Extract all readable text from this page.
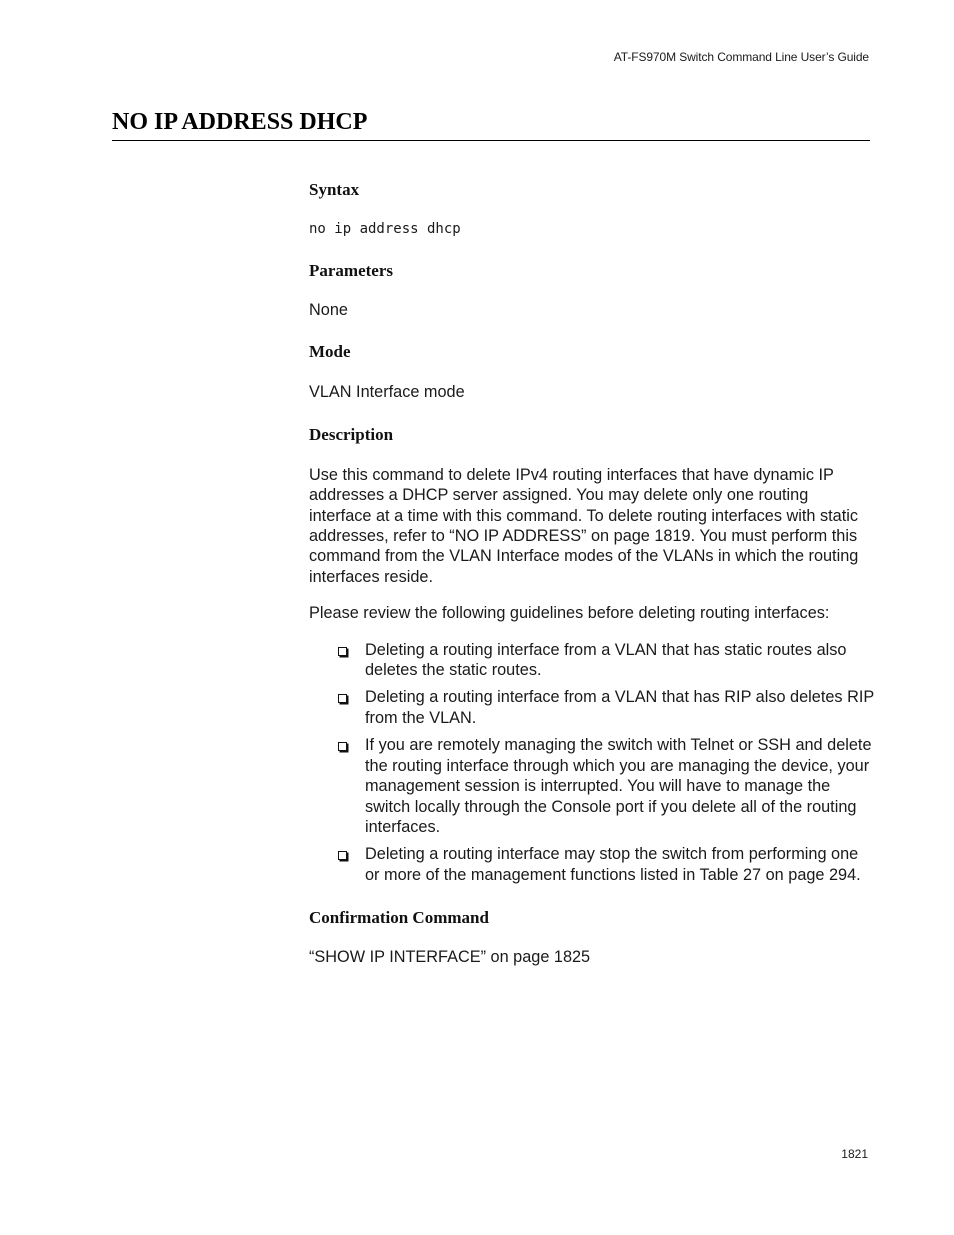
AT-FS970M Switch Command Line User’s Guide
NO IP ADDRESS DHCP
Syntax

no ip address dhcp

Parameters

None

Mode

VLAN Interface mode

Description

Use this command to delete IPv4 routing interfaces that have dynamic IP addresses a DHCP server assigned. You may delete only one routing interface at a time with this command. To delete routing interfaces with static addresses, refer to “NO IP ADDRESS” on page 1819. You must perform this command from the VLAN Interface modes of the VLANs in which the routing interfaces reside.

Please review the following guidelines before deleting routing interfaces:

Deleting a routing interface from a VLAN that has static routes also deletes the static routes.
Deleting a routing interface from a VLAN that has RIP also deletes RIP from the VLAN.
If you are remotely managing the switch with Telnet or SSH and delete the routing interface through which you are managing the device, your management session is interrupted. You will have to manage the switch locally through the Console port if you delete all of the routing interfaces.
Deleting a routing interface may stop the switch from performing one or more of the management functions listed in Table 27 on page 294.
Confirmation Command

“SHOW IP INTERFACE” on page 1825

1821
